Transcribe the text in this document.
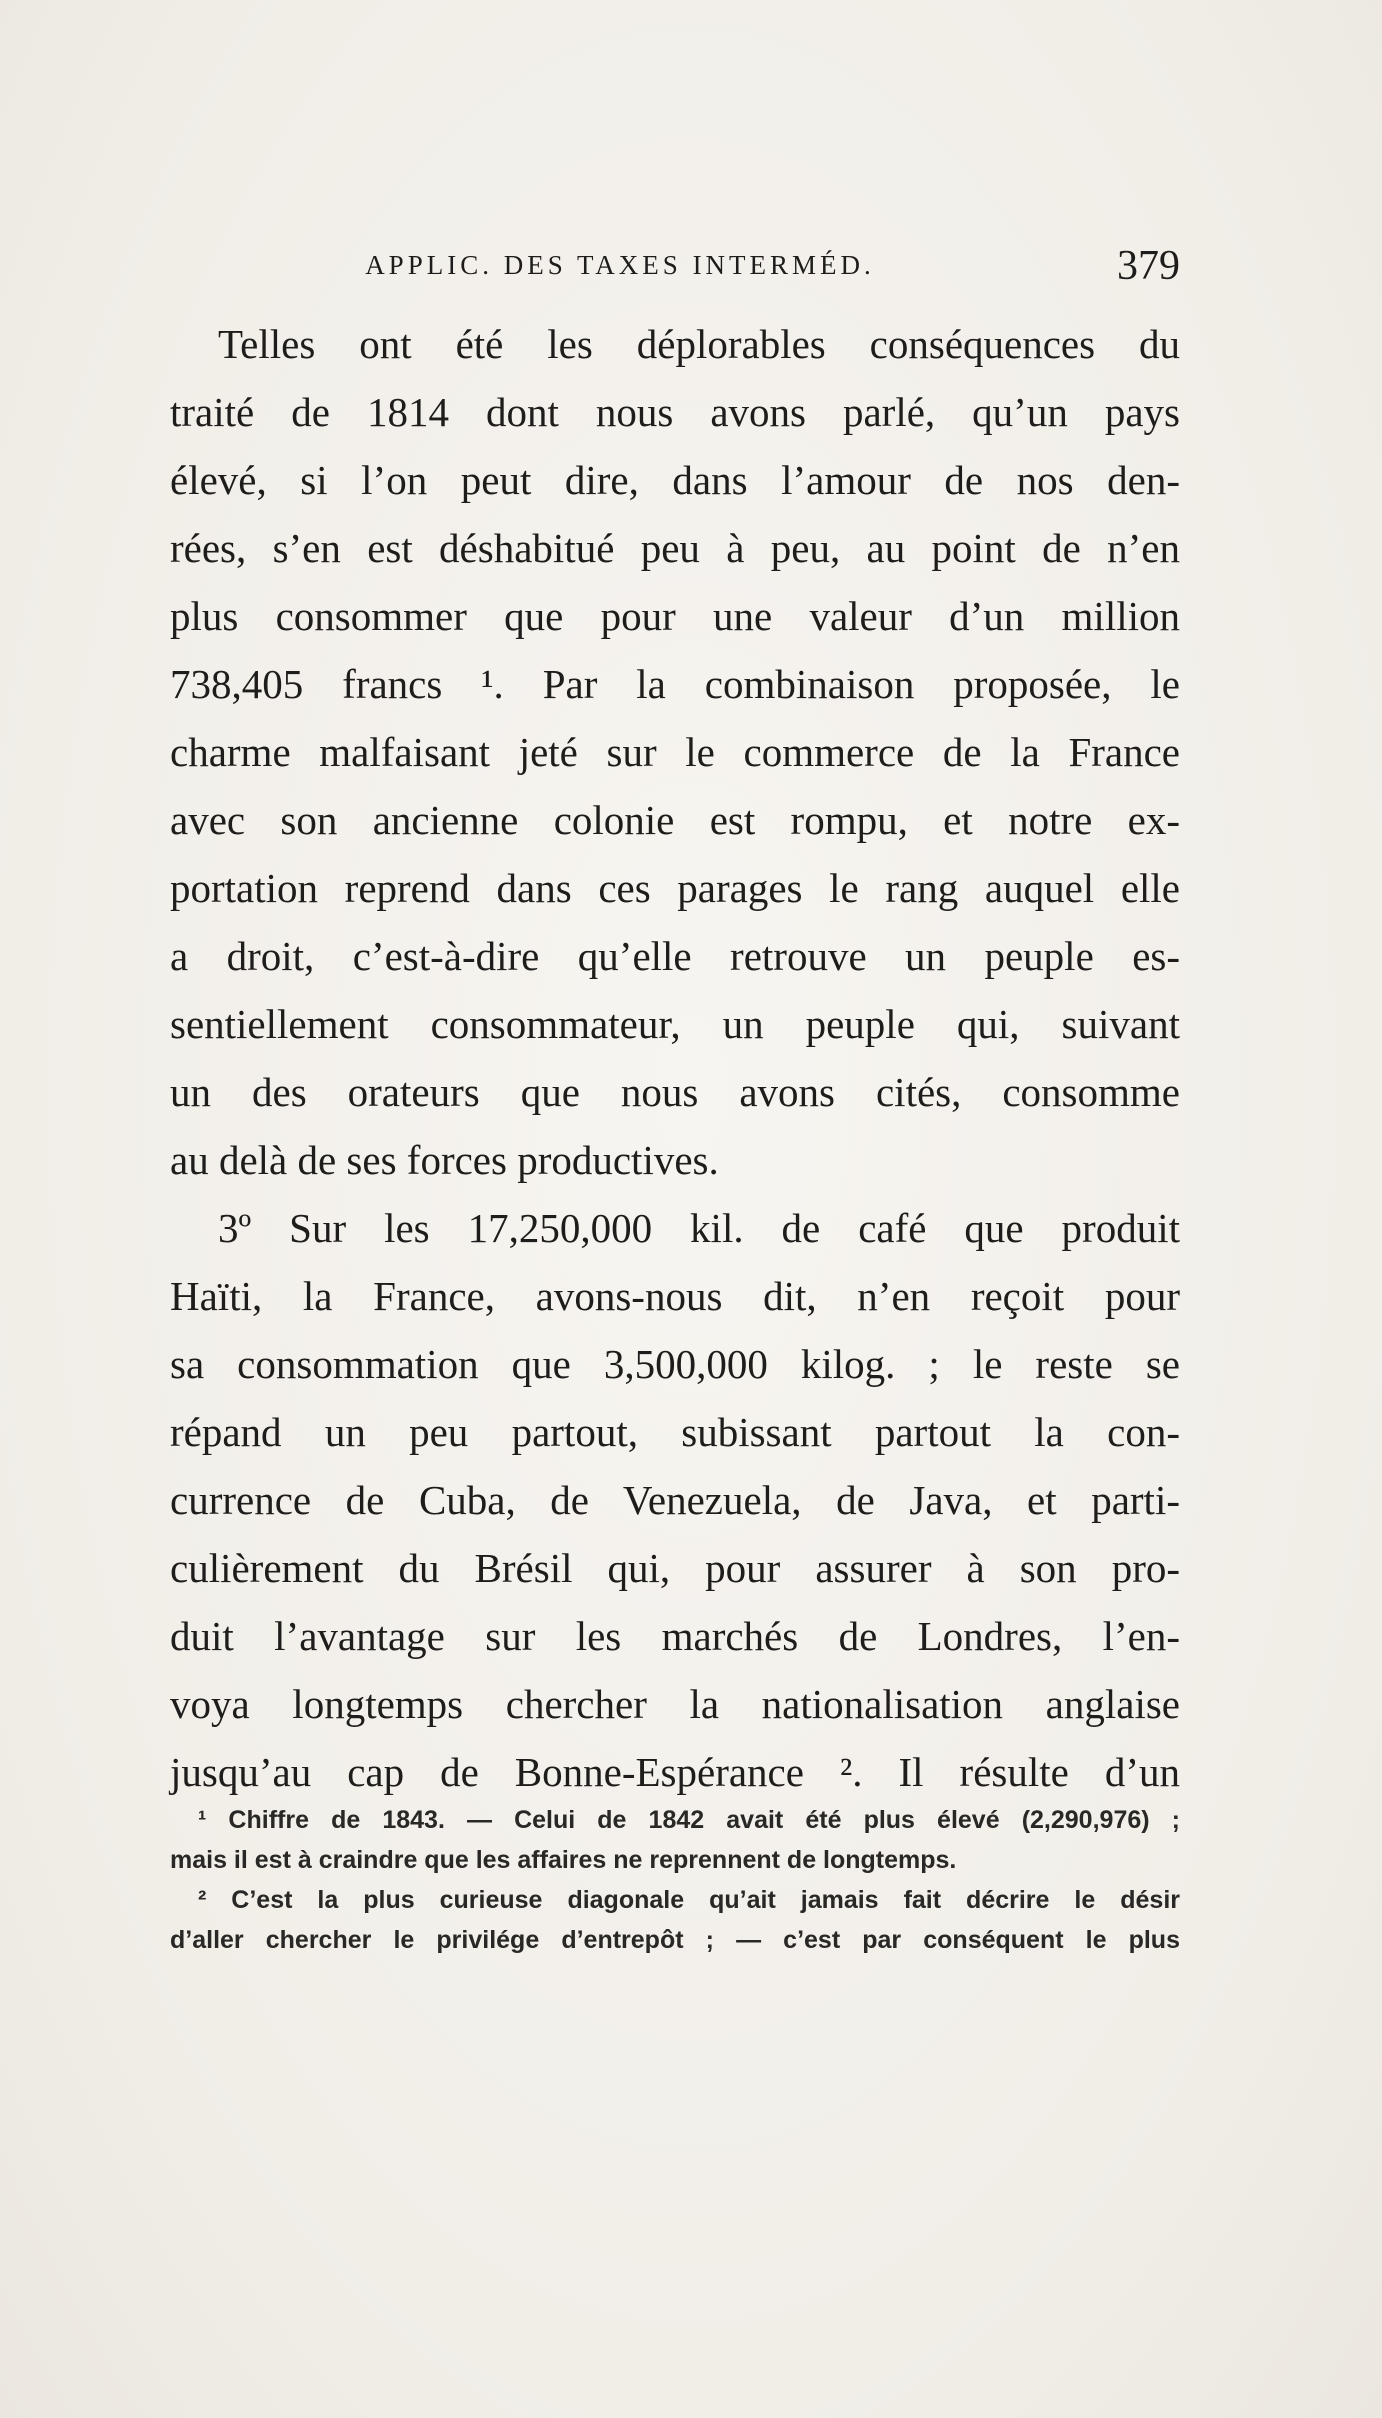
APPLIC. DES TAXES INTERMÉD.	379
Telles ont été les déplorables conséquences du
traité de 1814 dont nous avons parlé, qu’un pays
élevé, si l’on peut dire, dans l’amour de nos den-
rées, s’en est déshabitué peu à peu, au point de n’en
plus consommer que pour une valeur d’un million
738,405 francs ¹. Par la combinaison proposée, le
charme malfaisant jeté sur le commerce de la France
avec son ancienne colonie est rompu, et notre ex-
portation reprend dans ces parages le rang auquel elle
a droit, c’est-à-dire qu’elle retrouve un peuple es-
sentiellement consommateur, un peuple qui, suivant
un des orateurs que nous avons cités, consomme
au delà de ses forces productives.
3º Sur les 17,250,000 kil. de café que produit
Haïti, la France, avons-nous dit, n’en reçoit pour
sa consommation que 3,500,000 kilog. ; le reste se
répand un peu partout, subissant partout la con-
currence de Cuba, de Venezuela, de Java, et parti-
culièrement du Brésil qui, pour assurer à son pro-
duit l’avantage sur les marchés de Londres, l’en-
voya longtemps chercher la nationalisation anglaise
jusqu’au cap de Bonne-Espérance ². Il résulte d’un
¹ Chiffre de 1843. — Celui de 1842 avait été plus élevé (2,290,976) ;
mais il est à craindre que les affaires ne reprennent de longtemps.
² C’est la plus curieuse diagonale qu’ait jamais fait décrire le désir
d’aller chercher le privilége d’entrepôt ; — c’est par conséquent le plus
